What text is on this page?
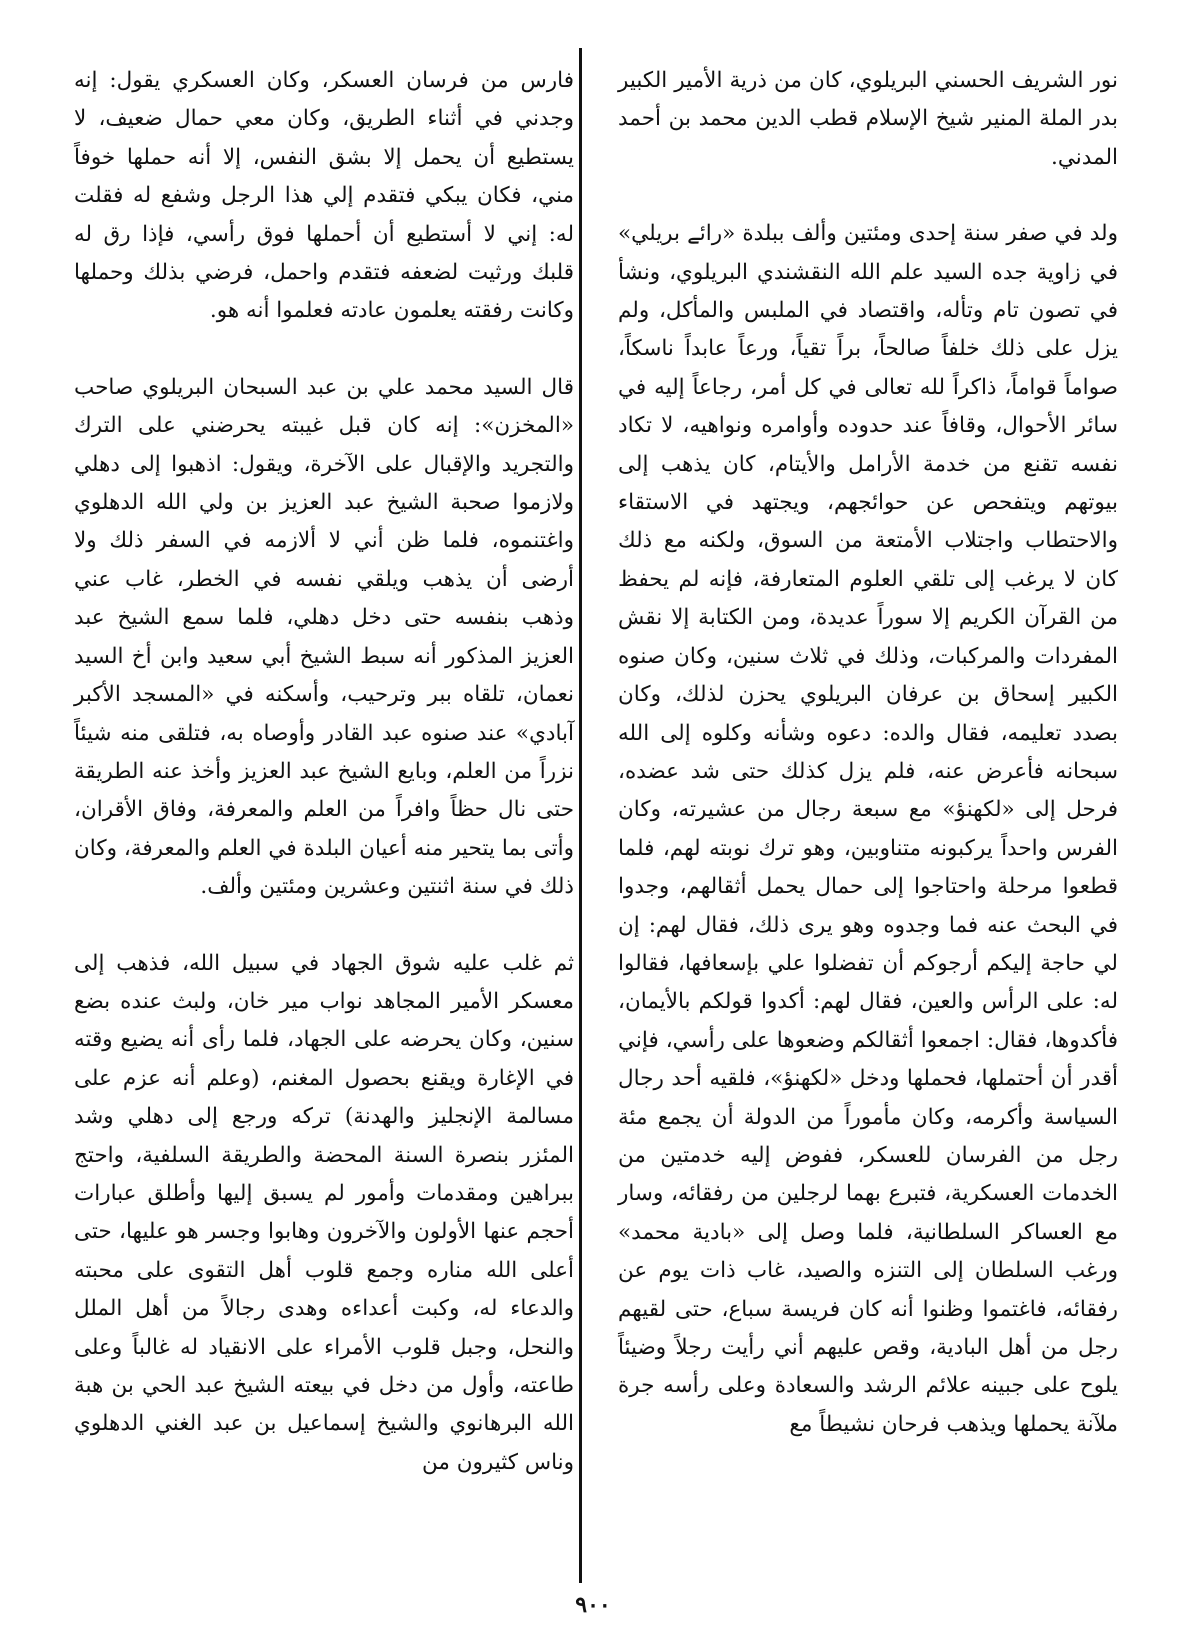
نور الشريف الحسني البريلوي، كان من ذرية الأمير الكبير بدر الملة المنير شيخ الإسلام قطب الدين محمد بن أحمد المدني.

ولد في صفر سنة إحدى ومئتين وألف ببلدة «رائے بريلي» في زاوية جده السيد علم الله النقشندي البريلوي، ونشأ في تصون تام وتأله، واقتصاد في الملبس والمأكل، ولم يزل على ذلك خلفاً صالحاً، براً تقياً، ورعاً عابداً ناسكاً، صواماً قواماً، ذاكراً لله تعالى في كل أمر، رجاعاً إليه في سائر الأحوال، وقافاً عند حدوده وأوامره ونواهيه، لا تكاد نفسه تقنع من خدمة الأرامل والأيتام، كان يذهب إلى بيوتهم ويتفحص عن حوائجهم، ويجتهد في الاستقاء والاحتطاب واجتلاب الأمتعة من السوق، ولكنه مع ذلك كان لا يرغب إلى تلقي العلوم المتعارفة، فإنه لم يحفظ من القرآن الكريم إلا سوراً عديدة، ومن الكتابة إلا نقش المفردات والمركبات، وذلك في ثلاث سنين، وكان صنوه الكبير إسحاق بن عرفان البريلوي يحزن لذلك، وكان بصدد تعليمه، فقال والده: دعوه وشأنه وكلوه إلى الله سبحانه فأعرض عنه، فلم يزل كذلك حتى شد عضده، فرحل إلى «لكهنؤ» مع سبعة رجال من عشيرته، وكان الفرس واحداً يركبونه متناوبين، وهو ترك نوبته لهم، فلما قطعوا مرحلة واحتاجوا إلى حمال يحمل أثقالهم، وجدوا في البحث عنه فما وجدوه وهو يرى ذلك، فقال لهم: إن لي حاجة إليكم أرجوكم أن تفضلوا علي بإسعافها، فقالوا له: على الرأس والعين، فقال لهم: أكدوا قولكم بالأيمان، فأكدوها، فقال: اجمعوا أثقالكم وضعوها على رأسي، فإني أقدر أن أحتملها، فحملها ودخل «لكهنؤ»، فلقيه أحد رجال السياسة وأكرمه، وكان مأموراً من الدولة أن يجمع مئة رجل من الفرسان للعسكر، ففوض إليه خدمتين من الخدمات العسكرية، فتبرع بهما لرجلين من رفقائه، وسار مع العساكر السلطانية، فلما وصل إلى «بادية محمد» ورغب السلطان إلى التنزه والصيد، غاب ذات يوم عن رفقائه، فاغتموا وظنوا أنه كان فريسة سباع، حتى لقيهم رجل من أهل البادية، وقص عليهم أني رأيت رجلاً وضيئاً يلوح على جبينه علائم الرشد والسعادة وعلى رأسه جرة ملآنة يحملها ويذهب فرحان نشيطاً مع

فارس من فرسان العسكر، وكان العسكري يقول: إنه وجدني في أثناء الطريق، وكان معي حمال ضعيف، لا يستطيع أن يحمل إلا بشق النفس، إلا أنه حملها خوفاً مني، فكان يبكي فتقدم إلي هذا الرجل وشفع له فقلت له: إني لا أستطيع أن أحملها فوق رأسي، فإذا رق له قلبك ورثيت لضعفه فتقدم واحمل، فرضي بذلك وحملها وكانت رفقته يعلمون عادته فعلموا أنه هو.

قال السيد محمد علي بن عبد السبحان البريلوي صاحب «المخزن»: إنه كان قبل غيبته يحرضني على الترك والتجريد والإقبال على الآخرة، ويقول: اذهبوا إلى دهلي ولازموا صحبة الشيخ عبد العزيز بن ولي الله الدهلوي واغتنموه، فلما ظن أني لا ألازمه في السفر ذلك ولا أرضى أن يذهب ويلقي نفسه في الخطر، غاب عني وذهب بنفسه حتى دخل دهلي، فلما سمع الشيخ عبد العزيز المذكور أنه سبط الشيخ أبي سعيد وابن أخ السيد نعمان، تلقاه ببر وترحيب، وأسكنه في «المسجد الأكبر آبادي» عند صنوه عبد القادر وأوصاه به، فتلقى منه شيئاً نزراً من العلم، وبايع الشيخ عبد العزيز وأخذ عنه الطريقة حتى نال حظاً وافراً من العلم والمعرفة، وفاق الأقران، وأتى بما يتحير منه أعيان البلدة في العلم والمعرفة، وكان ذلك في سنة اثنتين وعشرين ومئتين وألف.

ثم غلب عليه شوق الجهاد في سبيل الله، فذهب إلى معسكر الأمير المجاهد نواب مير خان، ولبث عنده بضع سنين، وكان يحرضه على الجهاد، فلما رأى أنه يضيع وقته في الإغارة ويقنع بحصول المغنم، (وعلم أنه عزم على مسالمة الإنجليز والهدنة) تركه ورجع إلى دهلي وشد المئزر بنصرة السنة المحضة والطريقة السلفية، واحتج ببراهين ومقدمات وأمور لم يسبق إليها وأطلق عبارات أحجم عنها الأولون والآخرون وهابوا وجسر هو عليها، حتى أعلى الله مناره وجمع قلوب أهل التقوى على محبته والدعاء له، وكبت أعداءه وهدى رجالاً من أهل الملل والنحل، وجبل قلوب الأمراء على الانقياد له غالباً وعلى طاعته، وأول من دخل في بيعته الشيخ عبد الحي بن هبة الله البرهانوي والشيخ إسماعيل بن عبد الغني الدهلوي وناس كثيرون من

٩٠٠
